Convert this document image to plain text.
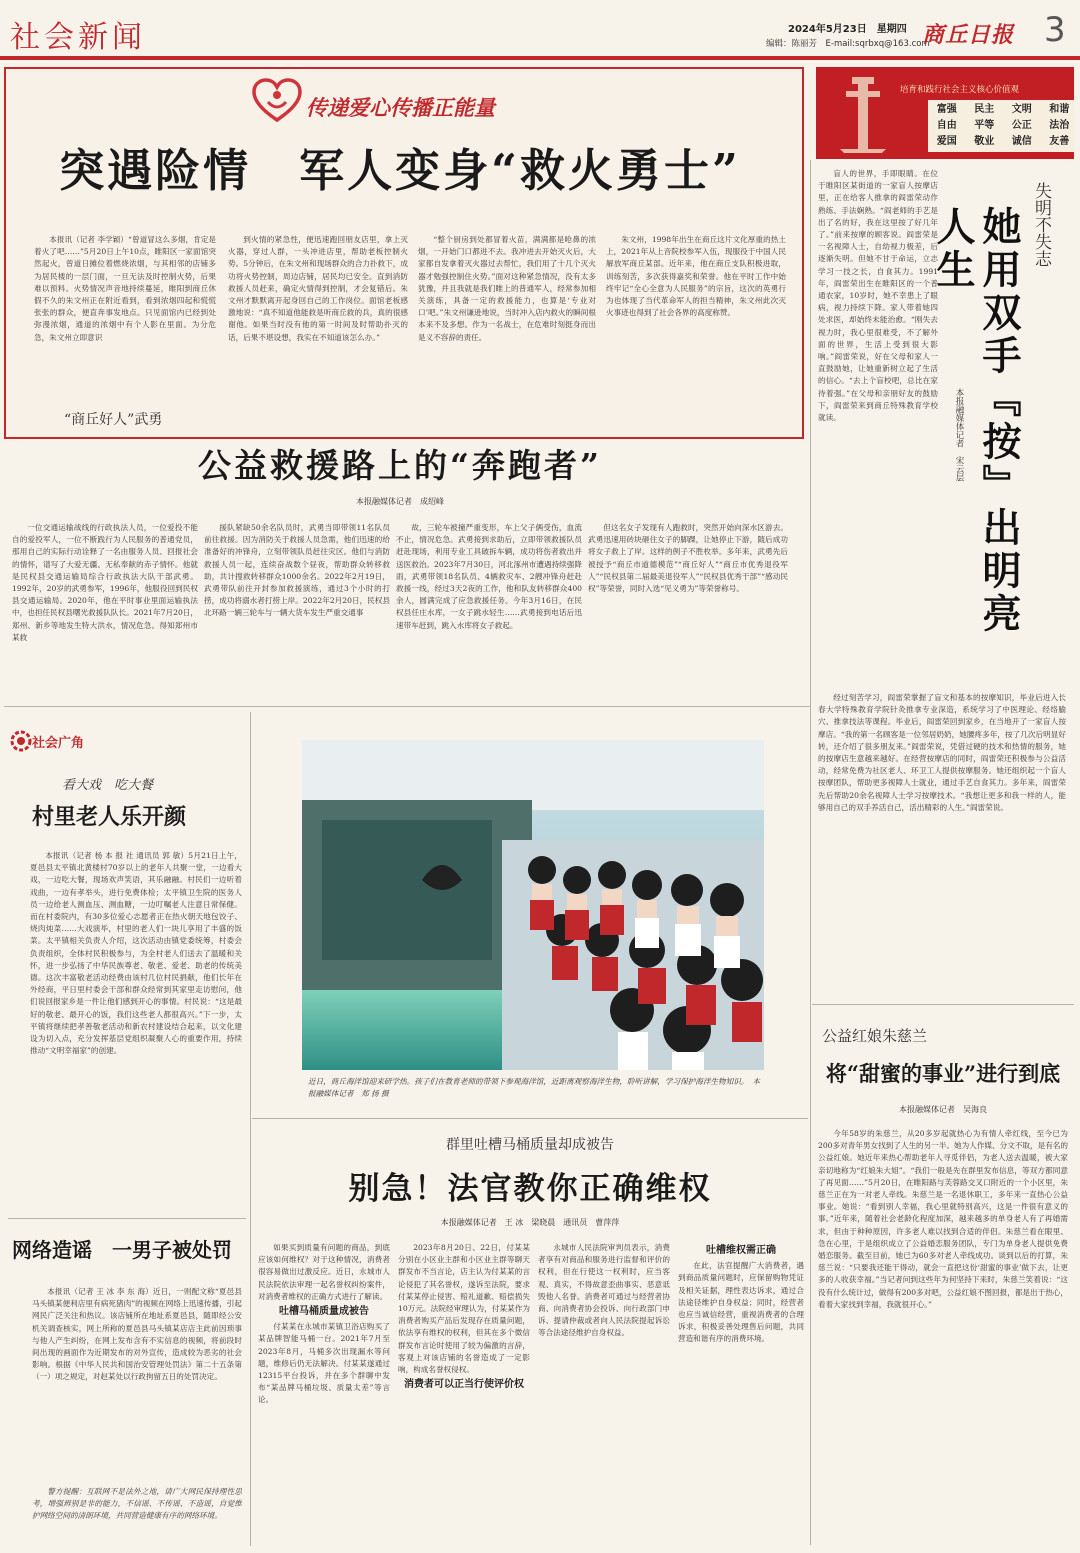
社会新闻	2024年5月23日　星期四
编辑：陈丽芳　E-mail:sqrbxq@163.com
商丘日报 3
传递爱心传播正能量
突遇险情　军人变身“救火勇士”

本报讯（记者 李学颖）“曾道冒这么多烟，肯定是着火了吧……”5月20日上午10点，睢阳区一家面馆突然起火，曾道日摊位着燃烧浓烟，与其相邻的店铺多为居民楼的一层门面，一旦无法及时控制火势，后果难以预料。火势情况声音地持续蔓延，睢阳到商丘休假不久的朱文州正在附近看到，看到浓烟四起和慌慌张张的群众，便直奔事发地点。只见面馆内已经到处弥漫浓烟，通道的浓烟中有个人影在里面。为分危急，朱文州立即意识

到火情的紧急性，便迅速跑回朋友店里，拿上灭火器，穿过人群，一头冲进店里，帮助老板控制火势。5分钟后，在朱文州和现场群众的合力扑救下，成功将火势控制，周边店铺，居民均已安全。直到消防救援人员赶来，确定火情得到控制，才会复错后。朱文州才默默离开起身回自己的工作岗位。面馆老板感激地说：“真不知道他能救是听商丘救的兵，真的很感谢他。如果当时没有他的第一时间及时帮助扑灭的话，后果不堪设想，我实在不知道该怎么办。”

“整个厨房到处都冒着火苗，满满都是呛鼻的浓烟，一开始门口都进不去。我冲进去开始灭火后，大家都自发拿着灭火器过去帮忙，我们用了十几个灭火器才勉强控制住火势。”面对这种紧急情况，没有太多犹豫，并且我就是我们睢上的普通军人，经常参加相关演练，具备一定的救援能力，也算是‘专业对口’吧。”朱文州谦逊地说，当时冲入店内救火的瞬间根本来不及多想。作为一名战士，在危难时刻挺身而出是义不容辞的责任。

朱文州，1998年出生在商丘这片文化厚重的热土上，2021年从上音院校参军入伍，现服役于中国人民解放军商丘某部。近年来，他在商丘支队积极进取，训练刻苦，多次获得嘉奖和荣誉。他在平时工作中始终牢记“全心全意为人民服务”的宗旨，这次的英勇行为也体现了当代革命军人的担当精神，朱文州此次灭火事迹也得到了社会各界的高度称赞。

培育和践行社会主义核心价值观
富强 民主 文明 和谐
自由 平等 公正 法治
爱国 敬业 诚信 友善
失明不失志
她用双手『按』出明亮人生
本报融媒体记者　宋云层

盲人的世界，手即眼睛。在位于睢阳区某街道的一家盲人按摩店里，正在给客人推拿的阎雷荣动作熟练、手法娴熟。“阎老师的手艺是出了名的好，我在这里按了好几年了。”前来按摩的顾客说。阎雷荣是一名视障人士，自幼视力极差，后逐渐失明。但她不甘于命运，立志学习一技之长，自食其力。1991年，阎雷荣出生在睢阳区的一个普通农家，10岁时，她不幸患上了眼病，视力持续下降。家人带着她四处求医，却始终未能治愈。“刚失去视力时，我心里很难受，不了解外面的世界，生活上受到很大影响。”阎雷荣说，好在父母和家人一直鼓励她，让她重新树立起了生活的信心。“去上个盲校吧，总比在家待着强。”在父母和亲朋好友的鼓励下，阎雷荣来到商丘特殊教育学校就读。

经过刻苦学习，阎雷荣掌握了盲文和基本的按摩知识，毕业后进入长春大学特殊教育学院针灸推拿专业深造，系统学习了中医理论、经络腧穴、推拿技法等课程。毕业后，阎雷荣回到家乡，在当地开了一家盲人按摩店。“我的第一名顾客是一位邻居奶奶，她腰疼多年，按了几次后明显好转，还介绍了很多朋友来。”阎雷荣说，凭借过硬的技术和热情的服务，她的按摩店生意越来越好。在经营按摩店的同时，阎雷荣还积极参与公益活动，经常免费为社区老人、环卫工人提供按摩服务。她还组织起一个盲人按摩团队，帮助更多视障人士就业，通过手艺自食其力。多年来，阎雷荣先后帮助20余名视障人士学习按摩技术。“我想让更多和我一样的人，能够用自己的双手养活自己，活出精彩的人生。”阎雷荣说。

“商丘好人”武勇
公益救援路上的“奔跑者”
本报融媒体记者　成绍峰

一位交通运输战线的行政执法人员，一位爱投不能自的爱投军人，一位不断践行为人民服务的普通党员，那用自己的实际行动诠释了一名由服务人员、回报社会的情怀，谱写了大爱无疆、无私奉献的赤子情怀。他就是民权县交通运输局综合行政执法大队干部武勇。1992年，20岁的武勇参军，1996年，他服役回到民权县交通运输局。2020年，他在平时事业里面运输执法中，也担任民权县曙光救援队队长。2021年7月20日，郑州、新乡等地发生特大洪水，情况危急。得知郑州市某救

援队紧缺50余名队员时，武勇当即带领11名队员前往救援。因为消防关于救援人员急需，他们迅速的给准备好的冲锋舟，立刻带领队员赶往灾区。他们与消防救援人员一起，连续奋战数个昼夜，帮助群众转移救助，共计搜救转移群众1000余名。2022年2月19日，武勇带队前往开封参加救援演练，通过3个小时的打捞，成功将溺水者打捞上岸。2022年2月20日，民权县北环路一辆三轮车与一辆大货车发生严重交通事

故，三轮车被撞严重变形，车上父子俩受伤，血流不止，情况危急。武勇接到求助后，立即带领救援队员赶赴现场，利用专业工具破拆车辆，成功将伤者救出并送医救治。2023年7月30日，河北涿州市遭遇持续强降雨，武勇带领18名队员、4辆救灾车、2艘冲锋舟赶赴救援一线，经过3天2夜的工作，他和队友转移群众400余人，圆满完成了应急救援任务。今年3月16日，在民权县任庄水库，一女子跳水轻生……武勇接到电话后迅速带车赶到，跳入水库将女子救起。

但这名女子发现有人跑救时，突然开始向深水区游去。武勇迅速用砖块砸住女子的脚踝，让她停止下游，随后成功将女子救上了岸。这样的例子不胜枚举。多年来，武勇先后被授予“商丘市道德模范”“商丘好人”“商丘市优秀退役军人”“民权县第二届最美退役军人”“民权县优秀干部”“感动民权”等荣誉，同时入选“见义勇为”等荣誉称号。

社会广角
看大戏　吃大餐
村里老人乐开颜

本报讯（记者 杨 本 报 社 通讯员 郭 敏）5月21日上午，夏邑县太平镇北黄楼村70岁以上的老年人共聚一堂，一边看大戏，一边吃大餐，现场欢声笑语，其乐融融。村民们一边听着戏曲，一边有孝举头，进行免费体检；太平镇卫生院的医务人员一边给老人测血压、测血糖，一边叮嘱老人注意日常保健。而在村委院内，有30多位爱心志愿者正在热火朝天地包饺子、烧肉炖菜……大戏演毕，村里的老人们一块儿享用了丰盛的饭菜。太平镇相关负责人介绍，这次活动由镇党委统筹，村委会负责组织，全体村民积极参与，为全村老人们送去了温暖和关怀，进一步弘扬了中华民族尊老、敬老、爱老、助老的传统美德。这次丰富敬老活动经费由该村几位村民捐献，他们长年在外经商，平日里村委会干部和群众经常到其家里走访慰问，他们说回报家乡是一件让他们感到开心的事情。村民说：“这是最好的敬老、最开心的饭，我们这些老人都很高兴。”下一步，太平镇将继续把孝善敬老活动和新农村建设结合起来，以文化建设为切入点，充分发挥基层党组织凝聚人心的重要作用，持续推动“文明幸福家”的创建。

网络造谣　一男子被处罚

本报讯（记者 王 冰 李 东 海）近日，一则配文称“夏邑县马头镇某便利店里有病死猪肉”的视频在网络上迅速传播，引起网民广泛关注和热议。该店铺所在地址系夏邑县，随即经公安机关调查核实，网上所称的夏邑县马头镇某店店主此前因琐事与他人产生纠纷，在网上发布含有不实信息的视频，将前段时间出现的画面作为近期发布的对外宣传，造成较为恶劣的社会影响。根据《中华人民共和国治安管理处罚法》第二十五条第（一）项之规定，对赵某处以行政拘留五日的处罚决定。

警方提醒：互联网不是法外之地，请广大网民保持理性思考，增强辨别是非的能力，不信谣、不传谣、不造谣，自觉维护网络空间的清朗环境，共同营造健康有序的网络环境。

近日，商丘海洋馆迎来研学热。孩子们在教育老师的带领下参观海洋馆，近距离观察海洋生物，聆听讲解，学习保护海洋生物知识。　本报融媒体记者　郑 扬 摄
群里吐槽马桶质量却成被告
别急！法官教你正确维权
本报融媒体记者　王 冰　梁晓晨　通讯员　曹萍萍

如果买到质量有问题的商品，到底应该如何维权？对于这种情况，消费者很容易做出过激反应。近日，永城市人民法院依法审理一起名誉权纠纷案件，对消费者维权的正确方式进行了解读。

吐槽马桶质量成被告

付某某在永城市某镇卫浴店购买了某品牌智能马桶一台。2021年7月至2023年8月，马桶多次出现漏水等问题，维修后仍无法解决。付某某遂通过12315平台投诉，并在多个群聊中发布“某品牌马桶垃圾、质量太差”等言论。

2023年8月20日、22日，付某某分别在小区业主群和小区业主群等聊天群发布不当言论，店主认为付某某的言论侵犯了其名誉权，遂诉至法院，要求付某某停止侵害、赔礼道歉、赔偿损失10万元。法院经审理认为，付某某作为消费者购买产品后发现存在质量问题，依法享有维权的权利，但其在多个微信群发布言论时使用了较为偏激的言辞，客观上对该店铺的名誉造成了一定影响，构成名誉权侵权。

消费者可以正当行使评价权

永城市人民法院审判员表示，消费者享有对商品和服务进行监督和评价的权利，但在行使这一权利时，应当客观、真实，不得故意歪曲事实、恶意诋毁他人名誉。消费者可通过与经营者协商、向消费者协会投诉、向行政部门申诉、提请仲裁或者向人民法院提起诉讼等合法途径维护自身权益。

吐槽维权需正确

在此，法官提醒广大消费者，遇到商品质量问题时，应保留购物凭证及相关证据，理性表达诉求，通过合法途径维护自身权益；同时，经营者也应当诚信经营，重视消费者的合理诉求，积极妥善处理售后问题，共同营造和谐有序的消费环境。

公益红娘朱慈兰
将“甜蜜的事业”进行到底
本报融媒体记者　吴海良

今年58岁的朱慈兰，从20多岁起就热心为有情人牵红线，至今已为200多对青年男女找到了人生的另一半。她为人作媒、分文不取，是有名的公益红娘。她近年来热心帮助老年人寻觅伴侣，为老人送去温暖，被大家亲切地称为“红娘朱大姐”。“我们一般是先在群里发布信息，等双方都同意了再见面……”5月20日，在睢阳路与芙蓉路交叉口附近的一个小区里，朱慈兰正在为一对老人牵线。朱慈兰是一名退休职工，多年来一直热心公益事业。她说：“看到别人幸福，我心里就特别高兴，这是一件很有意义的事。”近年来，随着社会老龄化程度加深，越来越多的单身老人有了再婚需求，但由于种种原因，许多老人难以找到合适的伴侣。朱慈兰看在眼里、急在心里，于是组织成立了公益婚恋服务团队，专门为单身老人提供免费婚恋服务。截至目前，她已为60多对老人牵线成功。谈到以后的打算，朱慈兰说：“只要我还能干得动，就会一直把这份‘甜蜜的事业’做下去，让更多的人收获幸福。”当记者问到这些年为何坚持下来时，朱慈兰笑着说：“这没有什么统计过，做得有200多对吧，公益红娘不图回报，都是出于热心，看着大家找到幸福，我就很开心。”
